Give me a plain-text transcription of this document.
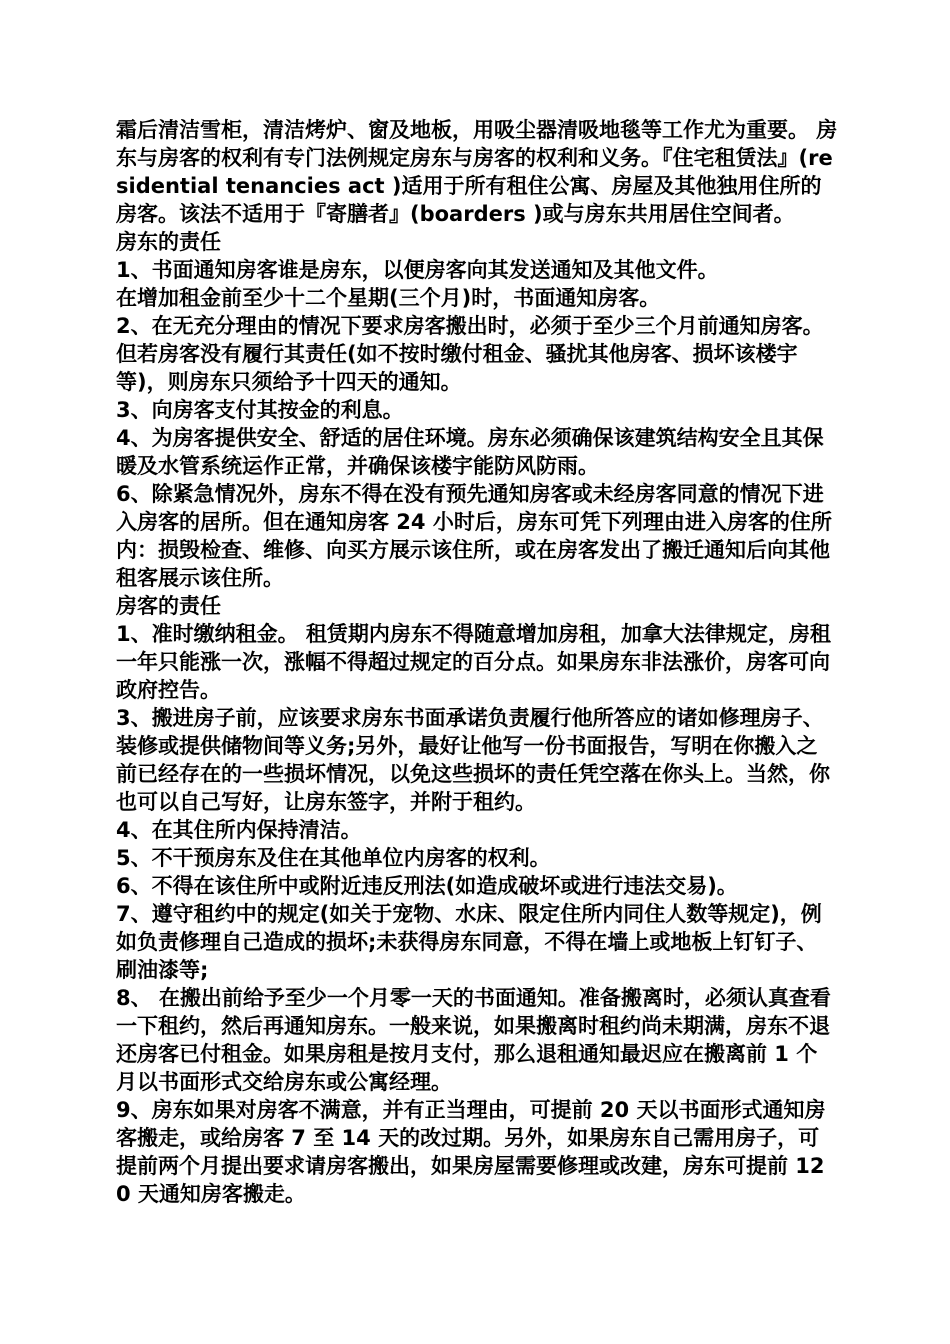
霜后清洁雪柜，清洁烤炉、窗及地板，用吸尘器清吸地毯等工作尤为重要。 房东与房客的权利有专门法例规定房东与房客的权利和义务。『住宅租赁法』(residential tenancies act )适用于所有租住公寓、房屋及其他独用住所的房客。该法不适用于『寄膳者』(boarders )或与房东共用居住空间者。

房东的责任

1、书面通知房客谁是房东，以便房客向其发送通知及其他文件。

在增加租金前至少十二个星期(三个月)时，书面通知房客。

2、在无充分理由的情况下要求房客搬出时，必须于至少三个月前通知房客。但若房客没有履行其责任(如不按时缴付租金、骚扰其他房客、损坏该楼宇等)，则房东只须给予十四天的通知。

3、向房客支付其按金的利息。

4、为房客提供安全、舒适的居住环境。房东必须确保该建筑结构安全且其保暖及水管系统运作正常，并确保该楼宇能防风防雨。

6、除紧急情况外，房东不得在没有预先通知房客或未经房客同意的情况下进入房客的居所。但在通知房客 24 小时后，房东可凭下列理由进入房客的住所内：损毁检查、维修、向买方展示该住所，或在房客发出了搬迁通知后向其他租客展示该住所。

房客的责任

1、准时缴纳租金。 租赁期内房东不得随意增加房租，加拿大法律规定，房租一年只能涨一次，涨幅不得超过规定的百分点。如果房东非法涨价，房客可向政府控告。

3、搬进房子前，应该要求房东书面承诺负责履行他所答应的诸如修理房子、装修或提供储物间等义务;另外，最好让他写一份书面报告，写明在你搬入之前已经存在的一些损坏情况，以免这些损坏的责任凭空落在你头上。当然，你也可以自己写好，让房东签字，并附于租约。

4、在其住所内保持清洁。

5、不干预房东及住在其他单位内房客的权利。

6、不得在该住所中或附近违反刑法(如造成破坏或进行违法交易)。

7、遵守租约中的规定(如关于宠物、水床、限定住所内同住人数等规定)，例如负责修理自己造成的损坏;未获得房东同意，不得在墙上或地板上钉钉子、刷油漆等;

8、 在搬出前给予至少一个月零一天的书面通知。准备搬离时，必须认真查看一下租约，然后再通知房东。一般来说，如果搬离时租约尚未期满，房东不退还房客已付租金。如果房租是按月支付，那么退租通知最迟应在搬离前 1 个月以书面形式交给房东或公寓经理。

9、房东如果对房客不满意，并有正当理由，可提前 20 天以书面形式通知房客搬走，或给房客 7 至 14 天的改过期。另外，如果房东自己需用房子，可提前两个月提出要求请房客搬出，如果房屋需要修理或改建，房东可提前 120 天通知房客搬走。
